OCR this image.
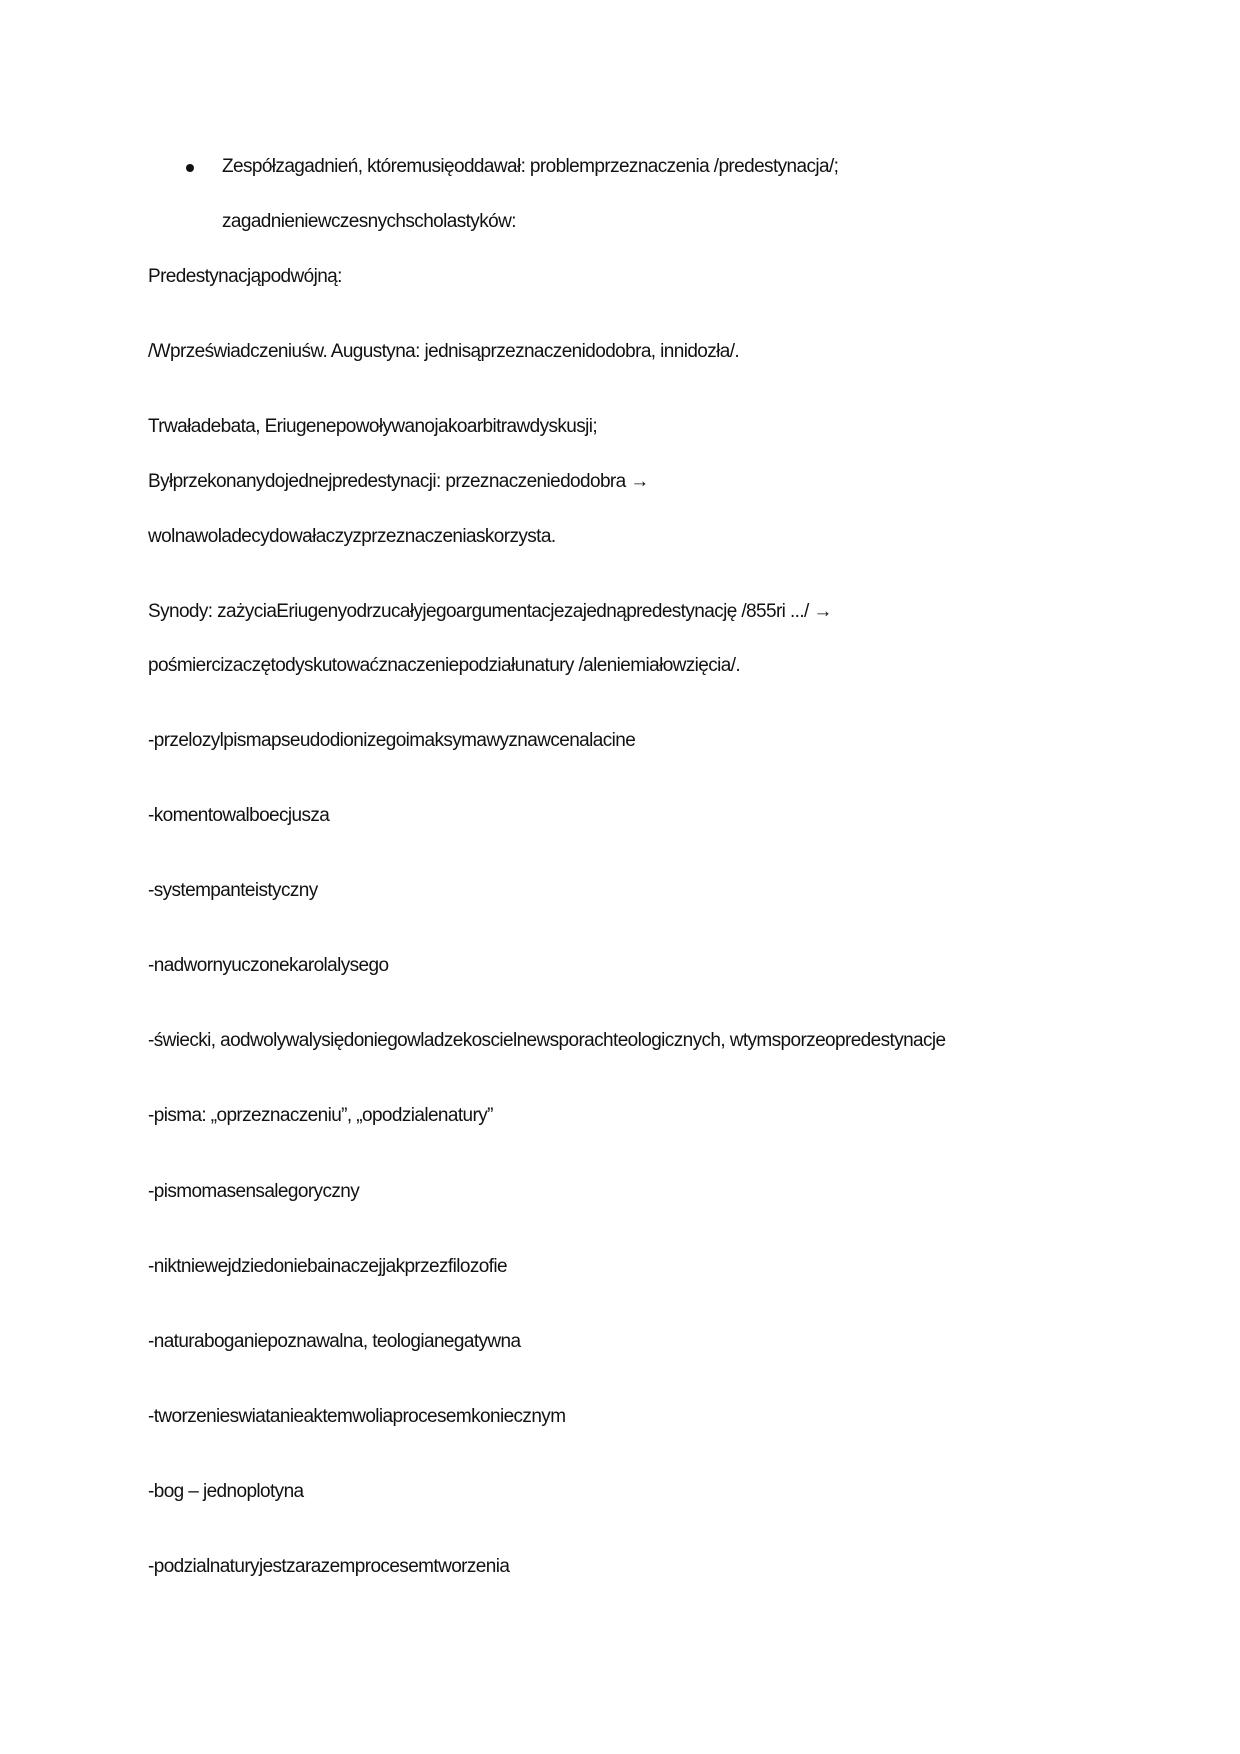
Zespółzagadnień, któremusięoddawał: problemprzeznaczenia /predestynacja/;
zagadnieniewczesnychscholastyków:
Predestynacjąpodwójną:
/Wprzeświadczeniuśw. Augustyna: jednisąprzeznaczenidodobra, innidozła/.
Trwaładebata, Eriugenepowoływanojakoarbitrawdyskusji;
Byłprzekonanydojednejpredestynacji: przeznaczeniedodobra →
wolnawoladecydowałaczyzprzeznaczeniaskorzysta.
Synody: zażyciaEriugenyodrzucałyjegoargumentacjezajednąpredestynację /855ri .../ →
pośmiercizaczętodyskutowaćznaczeniepodziałunatury /aleniemiałowzięcia/.
-przelozylpismapseudodionizegoimaksymawyznawcenalacine
-komentowalboecjusza
-systempanteistyczny
-nadwornyuczonekarolalysego
-świecki, aodwolywalysiędoniegowladzekoscielnewsporachteologicznych, wtymsporzeopredestynacje
-pisma: „oprzeznaczeniu”, „opodzialenatury”
-pismomasensalegoryczny
-niktniewejdziedoniebainaczejjakprzezfilozofie
-naturaboganiepoznawalna, teologianegatywna
-tworzenieswiatanieaktemwoliaprocesemkoniecznym
-bog – jednoplotyna
-podzialnaturyjestzarazemprocesemtworzenia
